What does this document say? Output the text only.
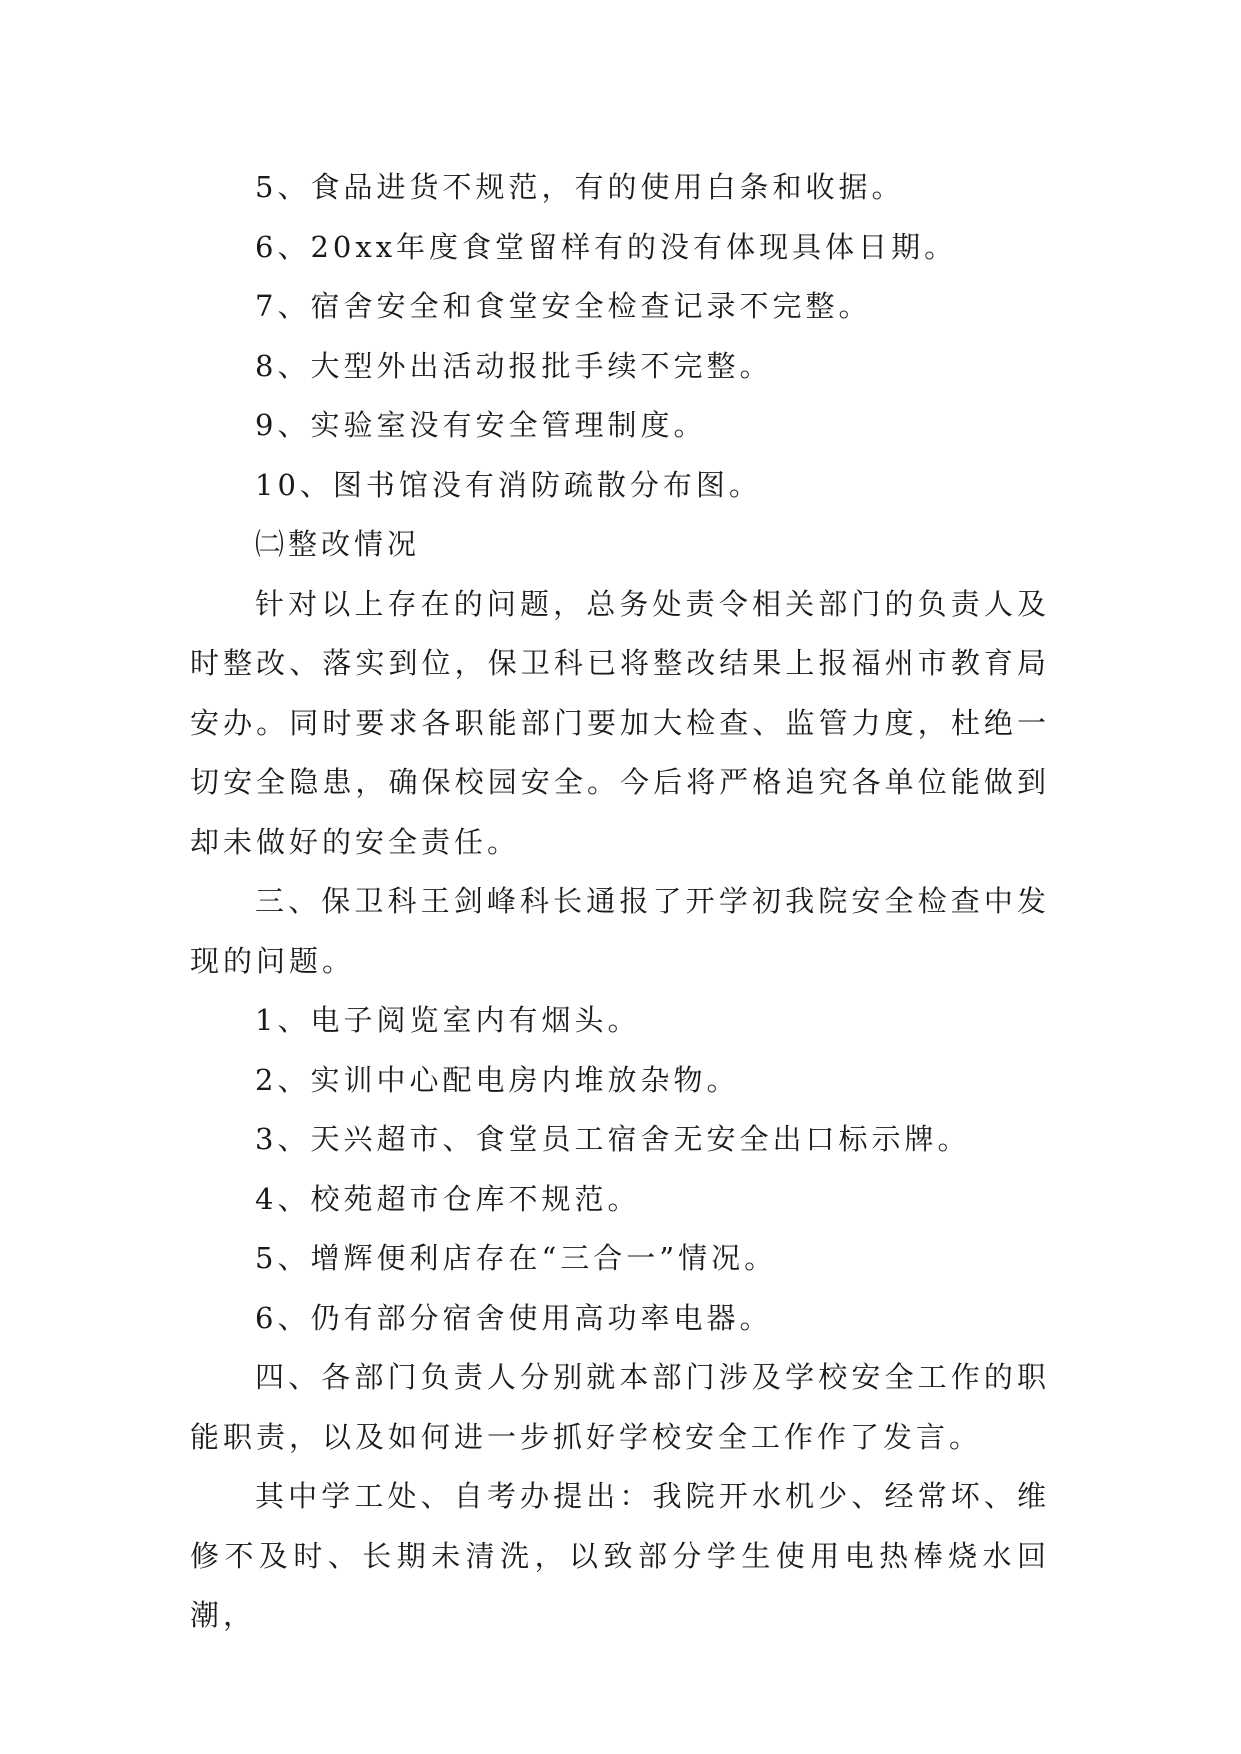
5、食品进货不规范，有的使用白条和收据。

6、20xx年度食堂留样有的没有体现具体日期。

7、宿舍安全和食堂安全检查记录不完整。

8、大型外出活动报批手续不完整。

9、实验室没有安全管理制度。

10、图书馆没有消防疏散分布图。

㈡整改情况

针对以上存在的问题，总务处责令相关部门的负责人及时整改、落实到位，保卫科已将整改结果上报福州市教育局安办。同时要求各职能部门要加大检查、监管力度，杜绝一切安全隐患，确保校园安全。今后将严格追究各单位能做到却未做好的安全责任。

三、保卫科王剑峰科长通报了开学初我院安全检查中发现的问题。

1、电子阅览室内有烟头。

2、实训中心配电房内堆放杂物。

3、天兴超市、食堂员工宿舍无安全出口标示牌。

4、校苑超市仓库不规范。

5、增辉便利店存在“三合一”情况。

6、仍有部分宿舍使用高功率电器。

四、各部门负责人分别就本部门涉及学校安全工作的职能职责，以及如何进一步抓好学校安全工作作了发言。

其中学工处、自考办提出：我院开水机少、经常坏、维修不及时、长期未清洗，以致部分学生使用电热棒烧水回潮，
